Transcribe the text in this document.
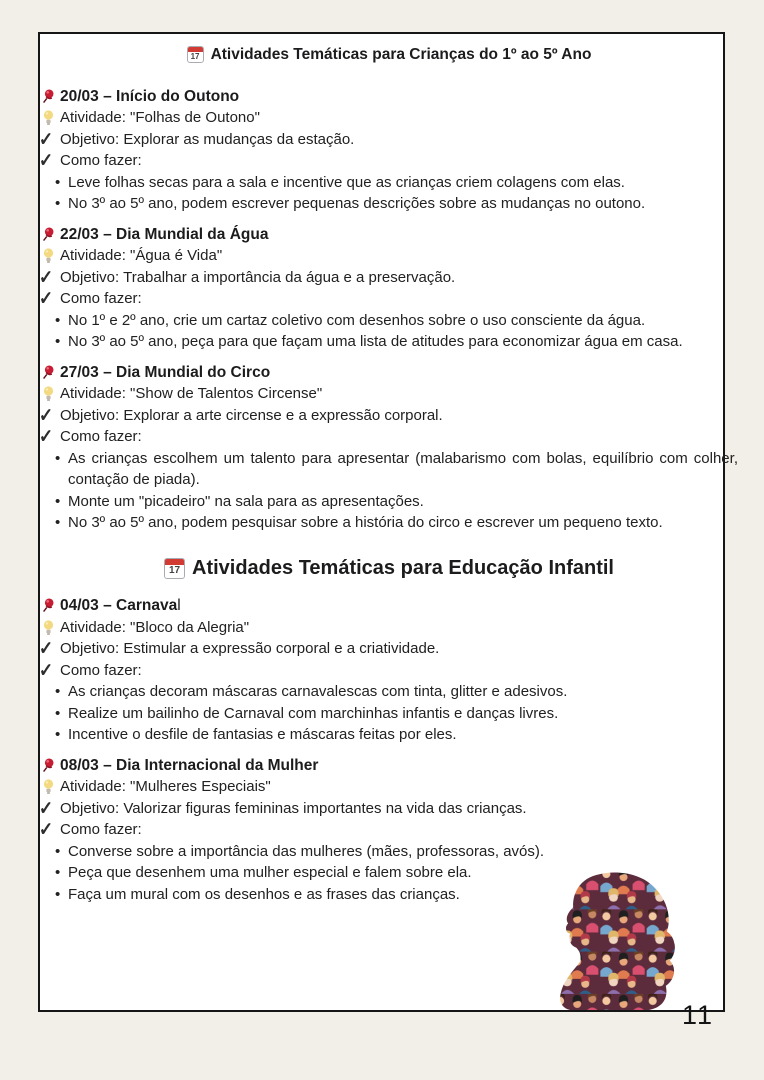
17 Atividades Temáticas para Crianças do 1º ao 5º Ano
20/03 – Início do Outono
Atividade: "Folhas de Outono"
✓ Objetivo: Explorar as mudanças da estação.
✓ Como fazer:
• Leve folhas secas para a sala e incentive que as crianças criem colagens com elas.
• No 3º ao 5º ano, podem escrever pequenas descrições sobre as mudanças no outono.
22/03 – Dia Mundial da Água
Atividade: "Água é Vida"
✓ Objetivo: Trabalhar a importância da água e a preservação.
✓ Como fazer:
• No 1º e 2º ano, crie um cartaz coletivo com desenhos sobre o uso consciente da água.
• No 3º ao 5º ano, peça para que façam uma lista de atitudes para economizar água em casa.
27/03 – Dia Mundial do Circo
Atividade: "Show de Talentos Circense"
✓ Objetivo: Explorar a arte circense e a expressão corporal.
✓ Como fazer:
• As crianças escolhem um talento para apresentar (malabarismo com bolas, equilíbrio com colher, contação de piada).
• Monte um "picadeiro" na sala para as apresentações.
• No 3º ao 5º ano, podem pesquisar sobre a história do circo e escrever um pequeno texto.
17 Atividades Temáticas para Educação Infantil
04/03 – Carnaval
Atividade: "Bloco da Alegria"
✓ Objetivo: Estimular a expressão corporal e a criatividade.
✓ Como fazer:
• As crianças decoram máscaras carnavalescas com tinta, glitter e adesivos.
• Realize um bailinho de Carnaval com marchinhas infantis e danças livres.
• Incentive o desfile de fantasias e máscaras feitas por eles.
08/03 – Dia Internacional da Mulher
Atividade: "Mulheres Especiais"
✓ Objetivo: Valorizar figuras femininas importantes na vida das crianças.
✓ Como fazer:
• Converse sobre a importância das mulheres (mães, professoras, avós).
• Peça que desenhem uma mulher especial e falem sobre ela.
• Faça um mural com os desenhos e as frases das crianças.
11
